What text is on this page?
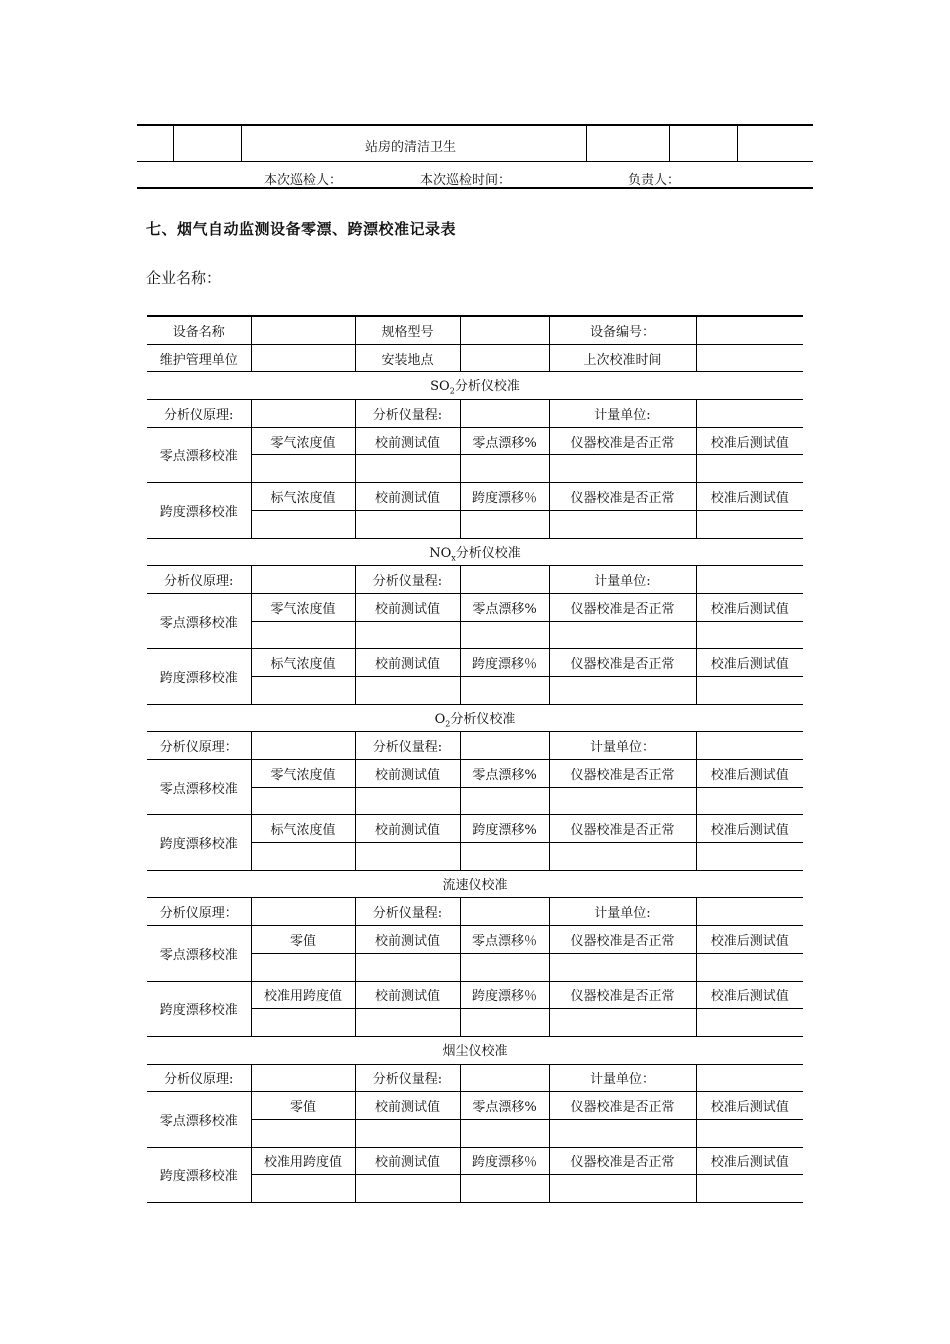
站房的清洁卫生
本次巡检人：	本次巡检时间：	负责人：
七、烟气自动监测设备零漂、跨漂校准记录表
企业名称：
设备名称		规格型号		设备编号：	
维护管理单位		安装地点		上次校准时间	
$SO_2$分析仪校准					
分析仪原理:		分析仪量程:		计量单位:	
零点漂移校准	零气浓度值	校前测试值	零点漂移%	仪器校准是否正常	校准后测试值

跨度漂移校准	标气浓度值	校前测试值	跨度漂移％	仪器校准是否正常	校准后测试值

$NO_x$分析仪校准					
分析仪原理:		分析仪量程:		计量单位:	
零点漂移校准	零气浓度值	校前测试值	零点漂移%	仪器校准是否正常	校准后测试值

跨度漂移校准	标气浓度值	校前测试值	跨度漂移％	仪器校准是否正常	校准后测试值

$O_2$分析仪校准					
分析仪原理：		分析仪量程:		计量单位：	
零点漂移校准	零气浓度值	校前测试值	零点漂移%	仪器校准是否正常	校准后测试值

跨度漂移校准	标气浓度值	校前测试值	跨度漂移%	仪器校准是否正常	校准后测试值

流速仪校准					
分析仪原理：		分析仪量程:		计量单位:	
零点漂移校准	零值	校前测试值	零点漂移％	仪器校准是否正常	校准后测试值

跨度漂移校准	校准用跨度值	校前测试值	跨度漂移％	仪器校准是否正常	校准后测试值

烟尘仪校准					
分析仪原理:		分析仪量程:		计量单位：	
零点漂移校准	零值	校前测试值	零点漂移%	仪器校准是否正常	校准后测试值

跨度漂移校准	校准用跨度值	校前测试值	跨度漂移％	仪器校准是否正常	校准后测试值
